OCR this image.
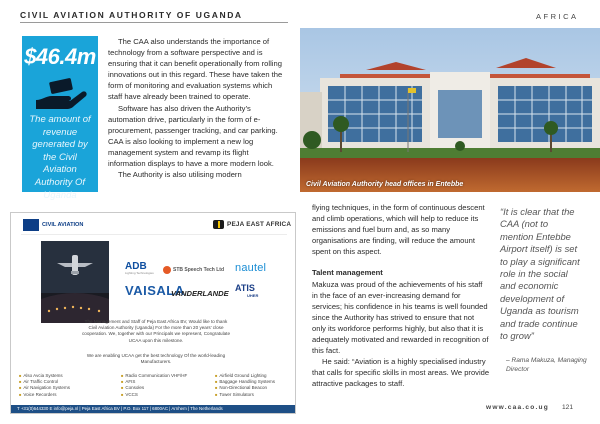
CIVIL AVIATION AUTHORITY OF UGANDA	AFRICA
$46.4m
The amount of revenue generated by the Civil Aviation Authority Of Uganda

The CAA also understands the importance of technology from a software perspective and is ensuring that it can benefit operationally from rolling innovations out in this regard. These have taken the form of monitoring and evaluation systems which staff have already been trained to operate.

Software has also driven the Authority’s automation drive, particularly in the form of e-procurement, passenger tracking, and car parking. CAA is also looking to implement a new log management system and revamp its flight information displays to have a more modern look.

The Authority is also utilising modern

Civil Aviation Authority head offices in Entebbe

flying techniques, in the form of continuous descent and climb operations, which will help to reduce its emissions and fuel burn and, as so many organisations are finding, will reduce the amount spent on this aspect.

Talent management

Makuza was proud of the achievements of his staff in the face of an ever-increasing demand for services; his confidence in his teams is well founded since the Authority has strived to ensure that not only its workforce performs highly, but also that it is adequately motivated and rewarded in recognition of this fact.

He said: “Aviation is a highly specialised industry that calls for specific skills in most areas. We provide attractive packages to staff.

“It is clear that the CAA (not to mention Entebbe Airport itself) is set to play a significant role in the social and economic development of Uganda as tourism and trade continue to grow”
– Rama Makuza, Managing Director
www.caa.co.ug 121
CIVIL AVIATION	PEJA EAST AFRICA
ADB
Lighting Technologies	STB Speech Tech Ltd nautel
VAISALA
VANDERLANDE
ATIS
UHER
The Management and Staff of Peja East Africa BV, Would like to thank Civil Aviation Authority (Uganda) For the more than 20 years’ close cooperation. We, together with our Principals we represent, Congratulate UCAA upon this milestone.
We are enabling UCAA get the best technology Of the world-leading Manufacturers.
■ Also Avcia Systems
■ Air Traffic Control
■ Air Navigation Systems
■ Voice Recorders
■ Radio Communication VHF/HF
■ AFIS
■ Consoles
■ VCCS
■ Airfield Ground Lighting
■ Baggage Handling Systems
■ Non-Directional Beacon
■ Tower Simulators
T +31(0)644330 E info@peja.nl | Peja East Africa BV | P.O. Box 117 | 6800AC | Arnhem | The Netherlands
